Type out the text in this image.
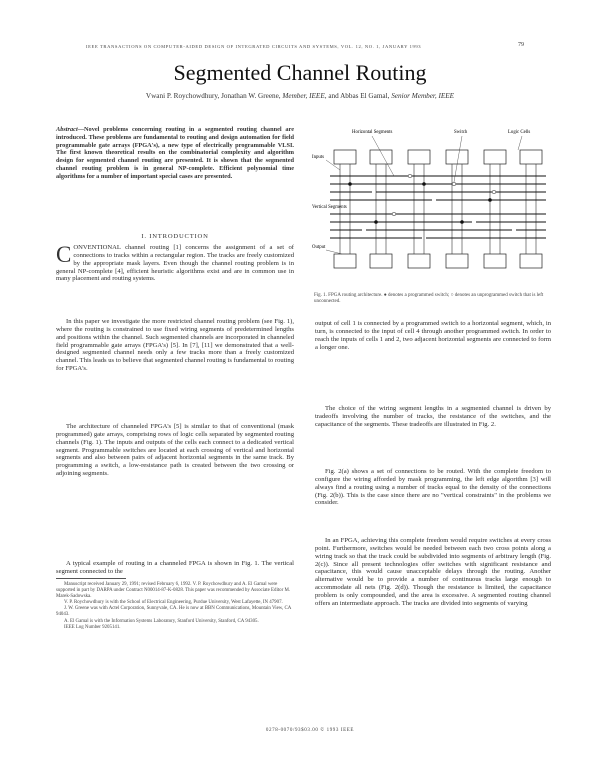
IEEE TRANSACTIONS ON COMPUTER-AIDED DESIGN OF INTEGRATED CIRCUITS AND SYSTEMS, VOL. 12, NO. 1, JANUARY 1993	79
Segmented Channel Routing
Vwani P. Roychowdhury, Jonathan W. Greene, Member, IEEE, and Abbas El Gamal, Senior Member, IEEE
Abstract—Novel problems concerning routing in a segmented routing channel are introduced. These problems are fundamental to routing and design automation for field programmable gate arrays (FPGA's), a new type of electrically programmable VLSI. The first known theoretical results on the combinatorial complexity and algorithm design for segmented channel routing are presented. It is shown that the segmented channel routing problem is in general NP-complete. Efficient polynomial time algorithms for a number of important special cases are presented.
I. INTRODUCTION
CONVENTIONAL channel routing [1] concerns the assignment of a set of connections to tracks within a rectangular region. The tracks are freely customized by the appropriate mask layers. Even though the channel routing problem is in general NP-complete [4], efficient heuristic algorithms exist and are in common use in many placement and routing systems.
In this paper we investigate the more restricted channel routing problem (see Fig. 1), where the routing is constrained to use fixed wiring segments of predetermined lengths and positions within the channel. Such segmented channels are incorporated in channeled field programmable gate arrays (FPGA's) [5]. In [7], [11] we demonstrated that a well-designed segmented channel needs only a few tracks more than a freely customized channel. This leads us to believe that segmented channel routing is fundamental to routing for FPGA's.
The architecture of channeled FPGA's [5] is similar to that of conventional (mask programmed) gate arrays, comprising rows of logic cells separated by segmented routing channels (Fig. 1). The inputs and outputs of the cells each connect to a dedicated vertical segment. Programmable switches are located at each crossing of vertical and horizontal segments and also between pairs of adjacent horizontal segments in the same track. By programming a switch, a low-resistance path is created between the two crossing or adjoining segments.
A typical example of routing in a channeled FPGA is shown in Fig. 1. The vertical segment connected to the

Manuscript received January 29, 1991; revised February 6, 1992. V. P. Roychowdhury and A. El Gamal were supported in part by DARPA under Contract N00014-87-K-0828. This paper was recommended by Associate Editor M. Marek-Sadowska.

V. P. Roychowdhury is with the School of Electrical Engineering, Purdue University, West Lafayette, IN 47907.

J. W. Greene was with Actel Corporation, Sunnyvale, CA. He is now at BBN Communications, Mountain View, CA 94043.

A. El Gamal is with the Information Systems Laboratory, Stanford University, Stanford, CA 94305.

IEEE Log Number 9205141.

0278-0070/93$03.00 © 1993 IEEE
Horizontal Segments	Switch	Logic Cells
Inputs
Output
Vertical Segments
Fig. 1. FPGA routing architecture. ● denotes a programmed switch; ○ denotes an unprogrammed switch that is left unconnected.
output of cell 1 is connected by a programmed switch to a horizontal segment, which, in turn, is connected to the input of cell 4 through another programmed switch. In order to reach the inputs of cells 1 and 2, two adjacent horizontal segments are connected to form a longer one.
The choice of the wiring segment lengths in a segmented channel is driven by tradeoffs involving the number of tracks, the resistance of the switches, and the capacitance of the segments. These tradeoffs are illustrated in Fig. 2.
Fig. 2(a) shows a set of connections to be routed. With the complete freedom to configure the wiring afforded by mask programming, the left edge algorithm [3] will always find a routing using a number of tracks equal to the density of the connections (Fig. 2(b)). This is the case since there are no "vertical constraints" in the problems we consider.
In an FPGA, achieving this complete freedom would require switches at every cross point. Furthermore, switches would be needed between each two cross points along a wiring track so that the track could be subdivided into segments of arbitrary length (Fig. 2(c)). Since all present technologies offer switches with significant resistance and capacitance, this would cause unacceptable delays through the routing. Another alternative would be to provide a number of continuous tracks large enough to accommodate all nets (Fig. 2(d)). Though the resistance is limited, the capacitance problem is only compounded, and the area is excessive. A segmented routing channel offers an intermediate approach. The tracks are divided into segments of varying
